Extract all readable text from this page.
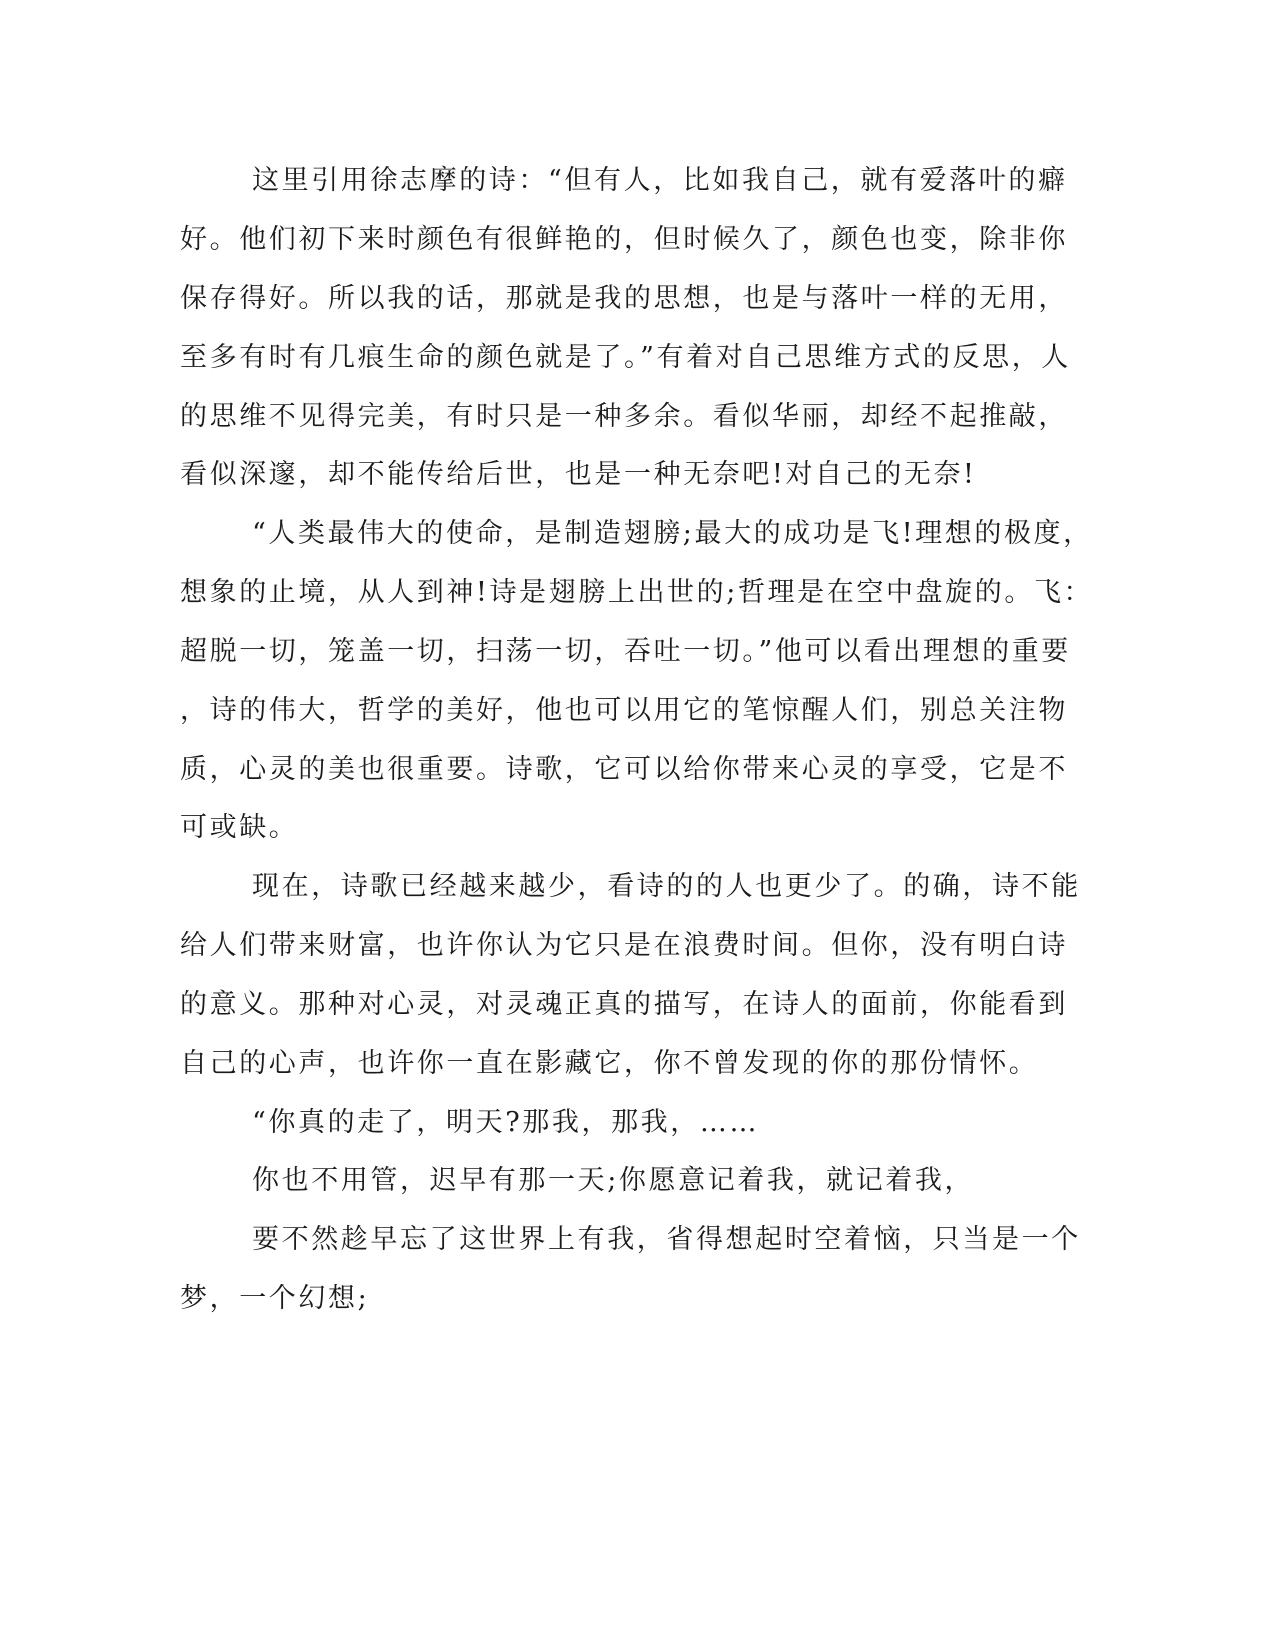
这里引用徐志摩的诗：“但有人，比如我自己，就有爱落叶的癖
好。他们初下来时颜色有很鲜艳的，但时候久了，颜色也变，除非你
保存得好。所以我的话，那就是我的思想，也是与落叶一样的无用，
至多有时有几痕生命的颜色就是了。”有着对自己思维方式的反思，人
的思维不见得完美，有时只是一种多余。看似华丽，却经不起推敲，
看似深邃，却不能传给后世，也是一种无奈吧!对自己的无奈!
“人类最伟大的使命，是制造翅膀;最大的成功是飞!理想的极度，
想象的止境，从人到神!诗是翅膀上出世的;哲理是在空中盘旋的。飞：
超脱一切，笼盖一切，扫荡一切，吞吐一切。”他可以看出理想的重要
，诗的伟大，哲学的美好，他也可以用它的笔惊醒人们，别总关注物
质，心灵的美也很重要。诗歌，它可以给你带来心灵的享受，它是不
可或缺。
现在，诗歌已经越来越少，看诗的的人也更少了。的确，诗不能
给人们带来财富，也许你认为它只是在浪费时间。但你，没有明白诗
的意义。那种对心灵，对灵魂正真的描写，在诗人的面前，你能看到
自己的心声，也许你一直在影藏它，你不曾发现的你的那份情怀。
“你真的走了，明天?那我，那我，……
你也不用管，迟早有那一天;你愿意记着我，就记着我，
要不然趁早忘了这世界上有我，省得想起时空着恼，只当是一个
梦，一个幻想;
